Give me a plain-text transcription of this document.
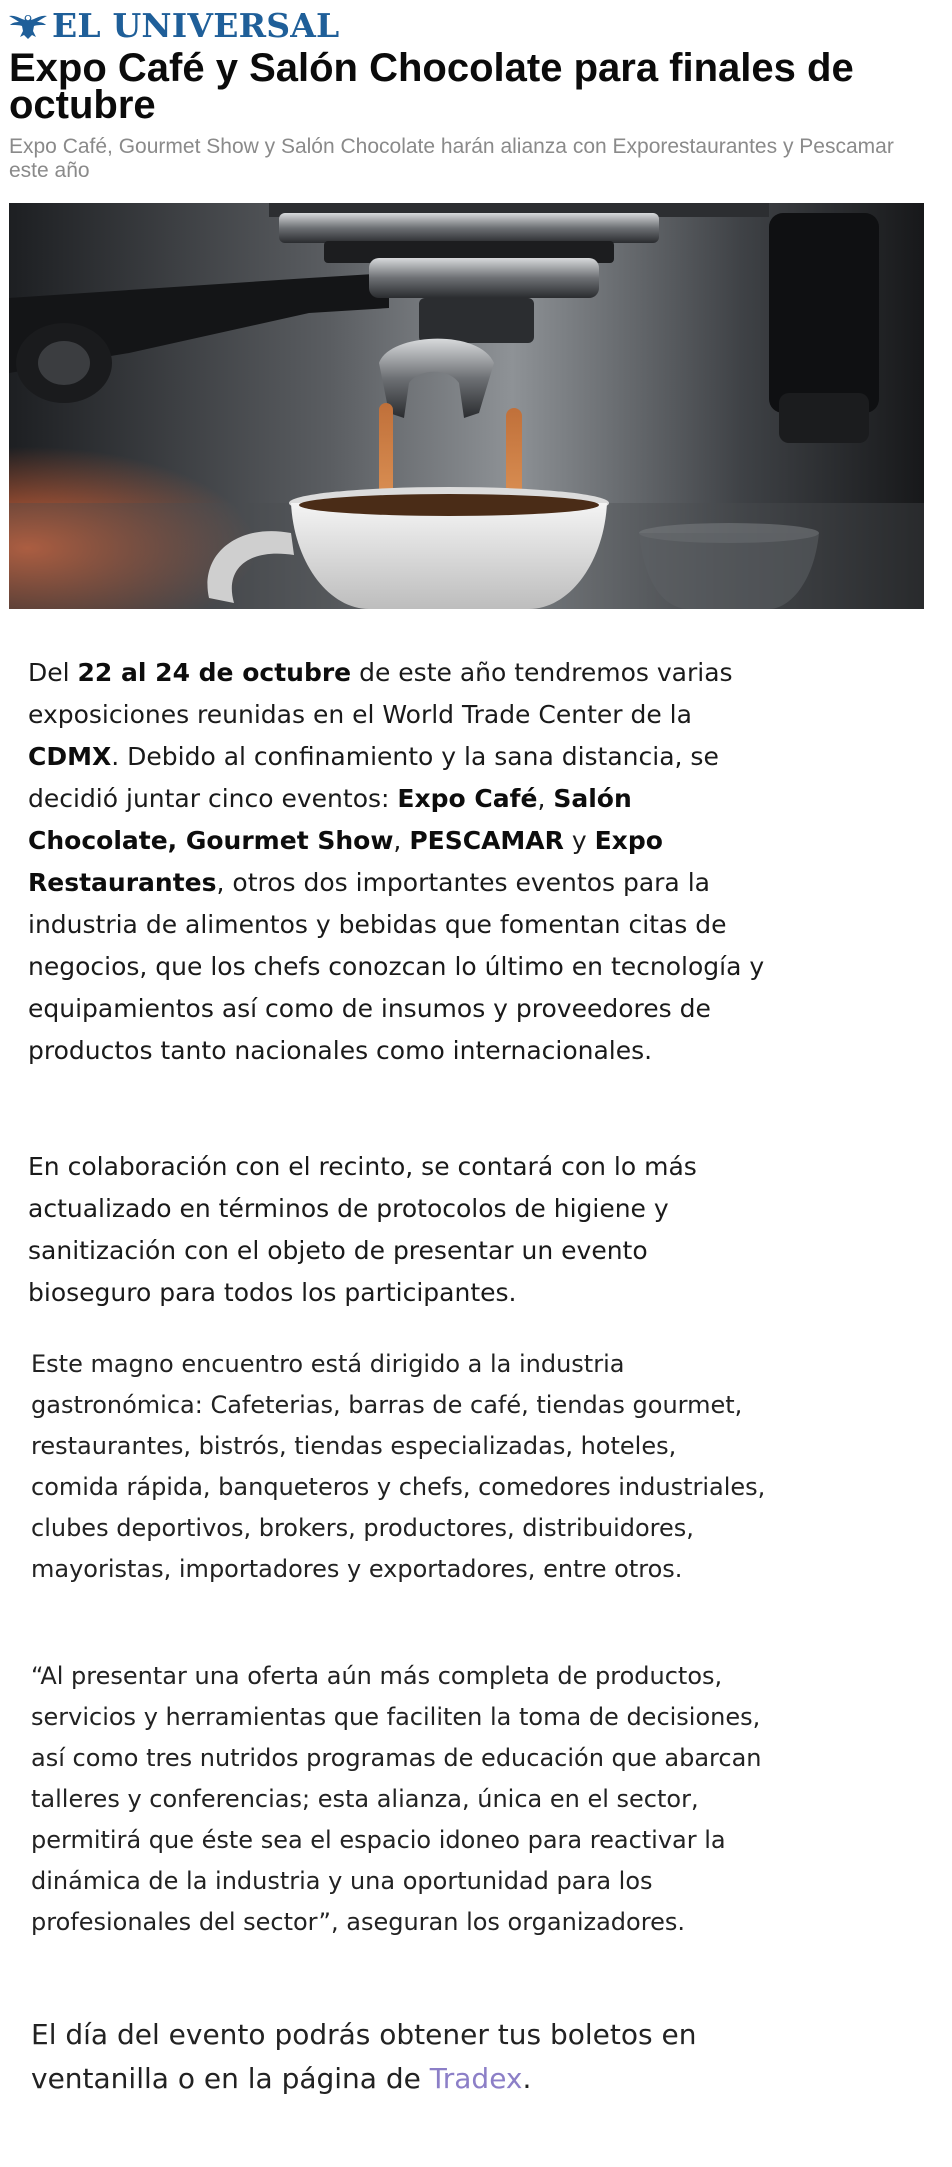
EL UNIVERSAL
Expo Café y Salón Chocolate para finales de octubre

Expo Café, Gourmet Show y Salón Chocolate harán alianza con Exporestaurantes y Pescamar este año

Del 22 al 24 de octubre de este año tendremos varias exposiciones reunidas en el World Trade Center de la CDMX. Debido al confinamiento y la sana distancia, se decidió juntar cinco eventos: Expo Café, Salón Chocolate, Gourmet Show, PESCAMAR y Expo Restaurantes, otros dos importantes eventos para la industria de alimentos y bebidas que fomentan citas de negocios, que los chefs conozcan lo último en tecnología y equipamientos así como de insumos y proveedores de productos tanto nacionales como internacionales.

En colaboración con el recinto, se contará con lo más actualizado en términos de protocolos de higiene y sanitización con el objeto de presentar un evento bioseguro para todos los participantes.

Este magno encuentro está dirigido a la industria gastronómica: Cafeterias, barras de café, tiendas gourmet, restaurantes, bistrós, tiendas especializadas, hoteles, comida rápida, banqueteros y chefs, comedores industriales, clubes deportivos, brokers, productores, distribuidores, mayoristas, importadores y exportadores, entre otros.

“Al presentar una oferta aún más completa de productos, servicios y herramientas que faciliten la toma de decisiones, así como tres nutridos programas de educación que abarcan talleres y conferencias; esta alianza, única en el sector, permitirá que éste sea el espacio idoneo para reactivar la dinámica de la industria y una oportunidad para los profesionales del sector”, aseguran los organizadores.

El día del evento podrás obtener tus boletos en ventanilla o en la página de Tradex.
